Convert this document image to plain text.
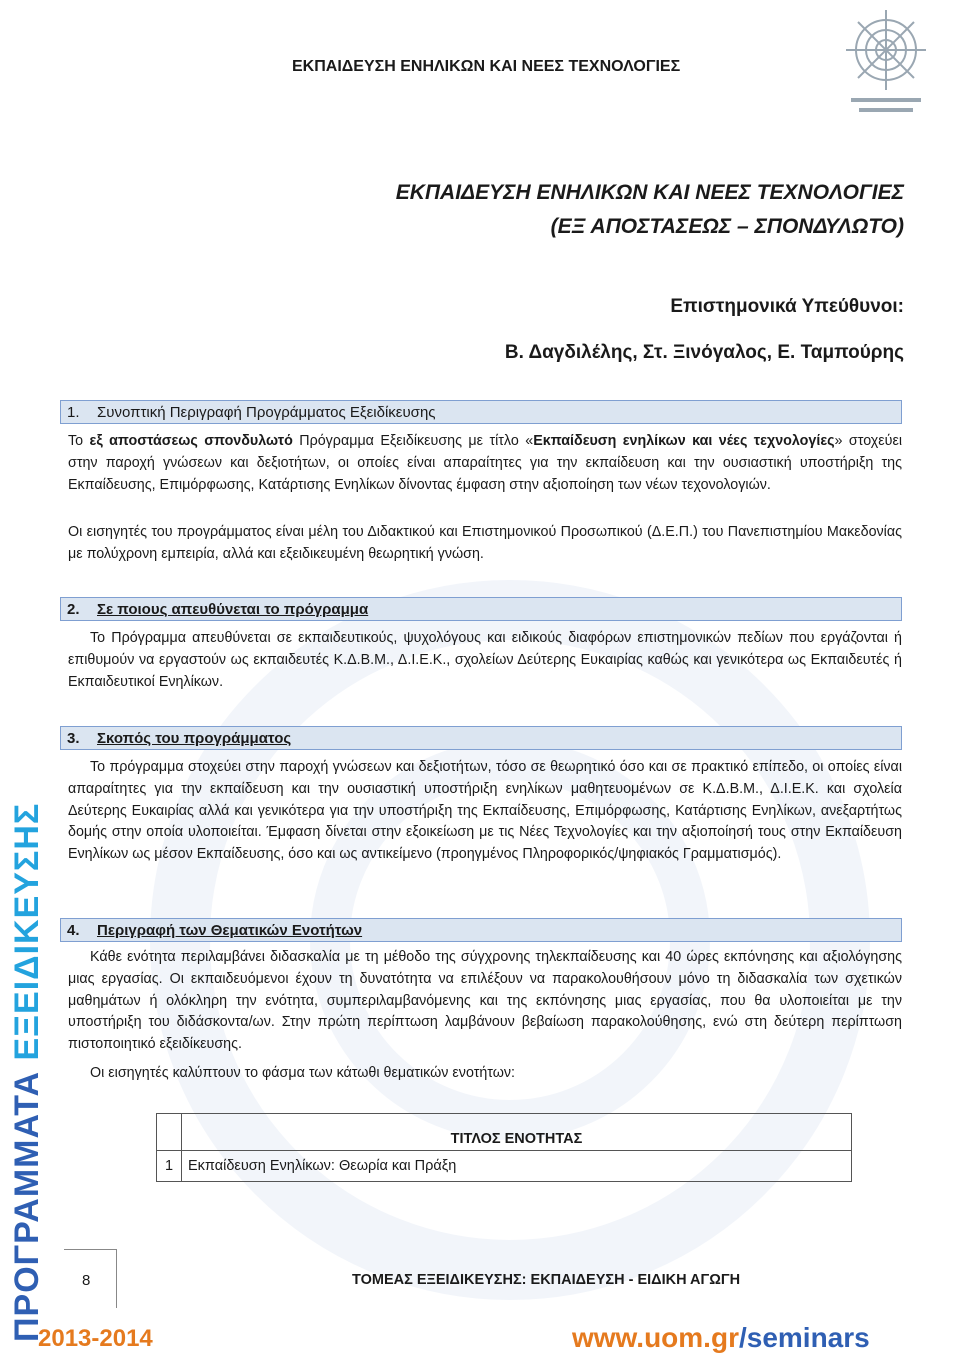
ΕΚΠΑΙΔΕΥΣΗ ΕΝΗΛΙΚΩΝ ΚΑΙ ΝΕΕΣ ΤΕΧΝΟΛΟΓΙΕΣ
ΕΚΠΑΙΔΕΥΣΗ ΕΝΗΛΙΚΩΝ ΚΑΙ ΝΕΕΣ ΤΕΧΝΟΛΟΓΙΕΣ
(ΕΞ ΑΠΟΣΤΑΣΕΩΣ – ΣΠΟΝΔΥΛΩΤΟ)
Επιστημονικά Υπεύθυνοι:
Β. Δαγδιλέλης, Στ. Ξινόγαλος, Ε. Ταμπούρης
1. Συνοπτική Περιγραφή Προγράμματος Εξειδίκευσης

Το εξ αποστάσεως σπονδυλωτό Πρόγραμμα Εξειδίκευσης με τίτλο «Εκπαίδευση ενηλίκων και νέες τεχνολογίες» στοχεύει στην παροχή γνώσεων και δεξιοτήτων, οι οποίες είναι απαραίτητες για την εκπαίδευση και την ουσιαστική υποστήριξη της Εκπαίδευσης, Επιμόρφωσης, Κατάρτισης Ενηλίκων δίνοντας έμφαση στην αξιοποίηση των νέων τεχονολογιών.

Οι εισηγητές του προγράμματος είναι μέλη του Διδακτικού και Επιστημονικού Προσωπικού (Δ.Ε.Π.) του Πανεπιστημίου Μακεδονίας με πολύχρονη εμπειρία, αλλά και εξειδικευμένη θεωρητική γνώση.

2. Σε ποιους απευθύνεται το πρόγραμμα

Το Πρόγραμμα απευθύνεται σε εκπαιδευτικούς, ψυχολόγους και ειδικούς διαφόρων επιστημονικών πεδίων που εργάζονται ή επιθυμούν να εργαστούν ως εκπαιδευτές Κ.Δ.Β.Μ., Δ.Ι.Ε.Κ., σχολείων Δεύτερης Ευκαιρίας καθώς και γενικότερα ως Εκπαιδευτές ή Εκπαιδευτικοί Ενηλίκων.

3. Σκοπός του προγράμματος

Το πρόγραμμα στοχεύει στην παροχή γνώσεων και δεξιοτήτων, τόσο σε θεωρητικό όσο και σε πρακτικό επίπεδο, οι οποίες είναι απαραίτητες για την εκπαίδευση και την ουσιαστική υποστήριξη ενηλίκων μαθητευομένων σε Κ.Δ.Β.Μ., Δ.Ι.Ε.Κ. και σχολεία Δεύτερης Ευκαιρίας αλλά και γενικότερα για την υποστήριξη της Εκπαίδευσης, Επιμόρφωσης, Κατάρτισης Ενηλίκων, ανεξαρτήτως δομής στην οποία υλοποιείται. Έμφαση δίνεται στην εξοικείωση με τις Νέες Τεχνολογίες και την αξιοποίησή τους στην Εκπαίδευση Ενηλίκων ως μέσον Εκπαίδευσης, όσο και ως αντικείμενο (προηγμένος Πληροφορικός/ψηφιακός Γραμματισμός).

4. Περιγραφή των Θεματικών Ενοτήτων

Κάθε ενότητα περιλαμβάνει διδασκαλία με τη μέθοδο της σύγχρονης τηλεκπαίδευσης και 40 ώρες εκπόνησης και αξιολόγησης μιας εργασίας. Οι εκπαιδευόμενοι έχουν τη δυνατότητα να επιλέξουν να παρακολουθήσουν μόνο τη διδασκαλία των σχετικών μαθημάτων ή ολόκληρη την ενότητα, συμπεριλαμβανόμενης και της εκπόνησης μιας εργασίας, που θα υλοποιείται με την υποστήριξη του διδάσκοντα/ων. Στην πρώτη περίπτωση λαμβάνουν βεβαίωση παρακολούθησης, ενώ στη δεύτερη περίπτωση πιστοποιητικό εξειδίκευσης.

Οι εισηγητές καλύπτουν το φάσμα των κάτωθι θεματικών ενοτήτων:

	ΤΙΤΛΟΣ ΕΝΟΤΗΤΑΣ
1	Εκπαίδευση Ενηλίκων: Θεωρία και Πράξη
8	ΤΟΜΕΑΣ ΕΞΕΙΔΙΚΕΥΣΗΣ: ΕΚΠΑΙΔΕΥΣΗ - ΕΙΔΙΚΗ ΑΓΩΓΗ
ΠΡΟΓΡΑΜΜΑΤΑ ΕΞΕΙΔΙΚΕΥΣΗΣ
2013-2014	www.uom.gr/seminars
